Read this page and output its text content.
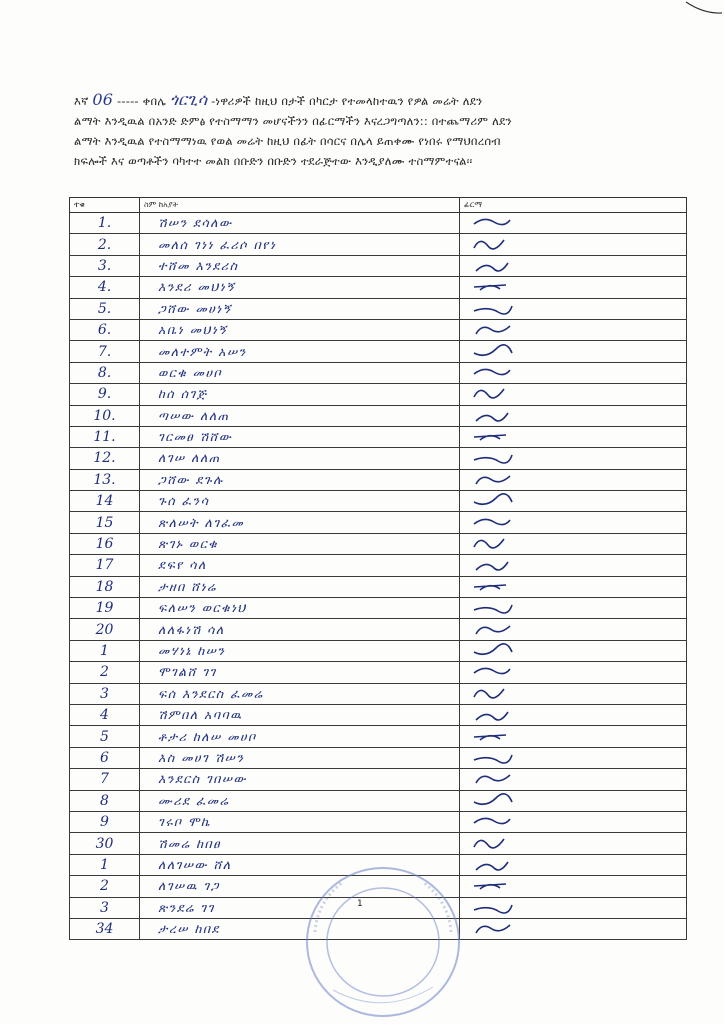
እኛ 06 ----- ቀበሌ ጎርጊሳ -ነዋሪዎች ከዚህ በታች በካርታ የተመላከተዉን የዎል መሬት ለደን
ልማት እንዲዉል በአንድ ድምፅ የተስማማን መሆናችንን በፊርማችን እናረጋግጣለን:: በተጨማሪም ለደን
ልማት እንዲዉል የተስማማነዉ የወል መሬት ከዚህ በፊት በሳርና በሌላ ይጠቀሙ የነበሩ የማህበረሰብ
ክፍሎች እና ወጣቶችን ባካተተ መልክ በቡድን በቡድን ተደራጅተው እንዲያለሙ ተስማምተናል፡፡
ተቁ	ስም ከአያት	ፊርማ
1.	ሽሠን ደሳለው	

2.	መለሰ ገነነ ፈሪሶ በየነ	

3.	ተሸመ እንደሪስ	

4.	እንደሪ መህነኝ	

5.	ጋሸው መሀነኝ	

6.	አቤነ መህነኝ	

7.	መለተምት አሠን	

8.	ወርቁ መሀቦ	

9.	ከሰ ሰገጅ	

10.	ጣሠው ለለጠ	

11.	ገርመፀ ሽሸው	

12.	ለገሠ ለለጠ	

13.	ጋሸው ደጉሉ	

14	ጉሰ ፈንሳ	

15	ጽለሠት ለገፈመ	

16	ጽገኑ ወርቁ	

17	ደፍየ ሳለ	

18	ታዘበ ሸነሬ	

19	ፍለሠን ወርቁነህ	

20	ለለፋነሽ ሳለ	

1	መሃነኔ ከሠን	

2	ሞገልሸ ገገ	

3	ፍሰ እንደርስ ፈመሬ	

4	ሽምበለ አባባዉ	

5	ቶታሪ ከለሠ መሀቦ	

6	እስ መሀገ ሽሠን	

7	እንደርስ ገበሠው	

8	ሙሪደ ፈመሬ	

9	ገሩቦ ሞኬ	

30	ሽመሬ ከበፀ	

1	ለለገሠው ሸለ	

2	ለገሠዉ ገጋ	

3	ጽንደሬ ገገ	

34	ታረሠ ከበደ	
1
